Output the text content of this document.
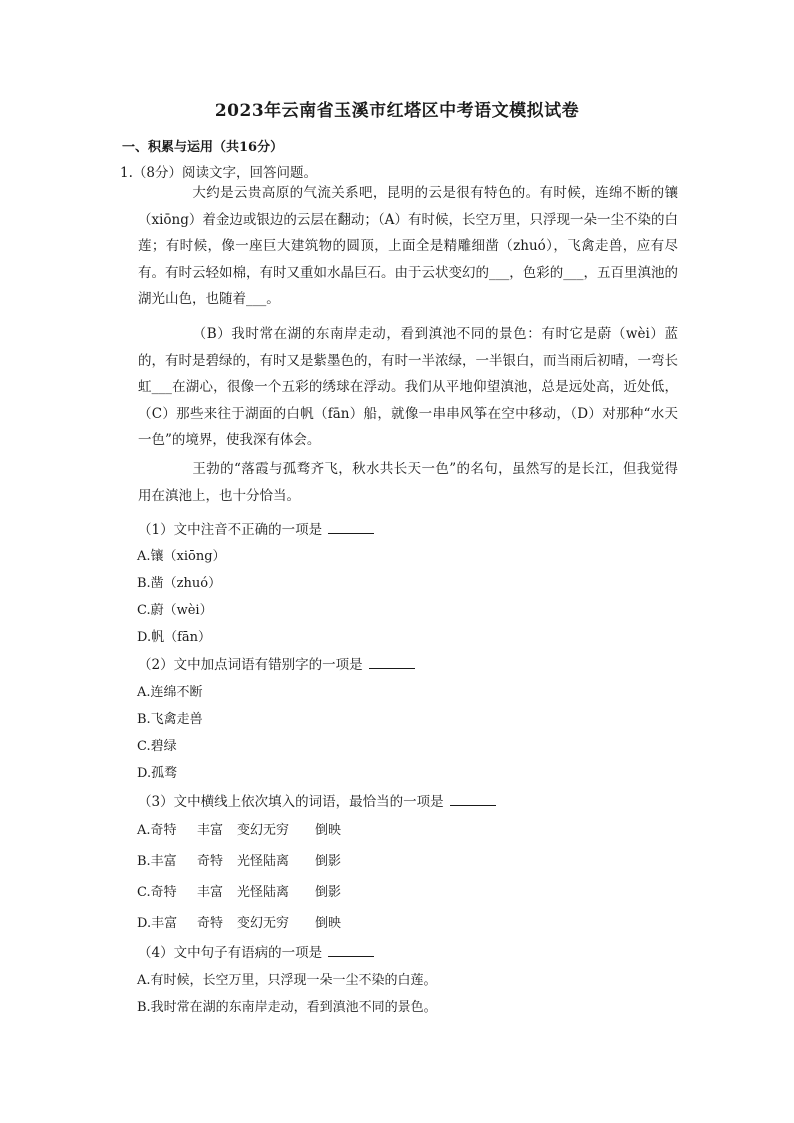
2023年云南省玉溪市红塔区中考语文模拟试卷
一、积累与运用（共16分）
1.（8分）阅读文字，回答问题。
大约是云贵高原的气流关系吧，昆明的云是很有特色的。有时候，连绵不断的镶（xiōng）着金边或银边的云层在翻动；（A）有时候，长空万里，只浮现一朵一尘不染的白莲；有时候，像一座巨大建筑物的圆顶，上面全是精雕细凿（zhuó），飞禽走兽，应有尽有。有时云轻如棉，有时又重如水晶巨石。由于云状变幻的___，色彩的___，五百里滇池的湖光山色，也随着___。
（B）我时常在湖的东南岸走动，看到滇池不同的景色：有时它是蔚（wèi）蓝的，有时是碧绿的，有时又是紫墨色的，有时一半浓绿，一半银白，而当雨后初晴，一弯长虹___在湖心，很像一个五彩的绣球在浮动。我们从平地仰望滇池，总是远处高，近处低，（C）那些来往于湖面的白帆（fān）船，就像一串串风筝在空中移动，（D）对那种“水天一色”的境界，使我深有体会。
王勃的“落霞与孤骛齐飞，秋水共长天一色”的名句，虽然写的是长江，但我觉得用在滇池上，也十分恰当。
（1）文中注音不正确的一项是
A.镶（xiōng）
B.凿（zhuó）
C.蔚（wèi）
D.帆（fān）
（2）文中加点词语有错别字的一项是
A.连绵不断
B.飞禽走兽
C.碧绿
D.孤骛
（3）文中横线上依次填入的词语，最恰当的一项是
A.奇特 丰富 变幻无穷 倒映
B.丰富 奇特 光怪陆离 倒影
C.奇特 丰富 光怪陆离 倒影
D.丰富 奇特 变幻无穷 倒映
（4）文中句子有语病的一项是
A.有时候，长空万里，只浮现一朵一尘不染的白莲。
B.我时常在湖的东南岸走动，看到滇池不同的景色。
